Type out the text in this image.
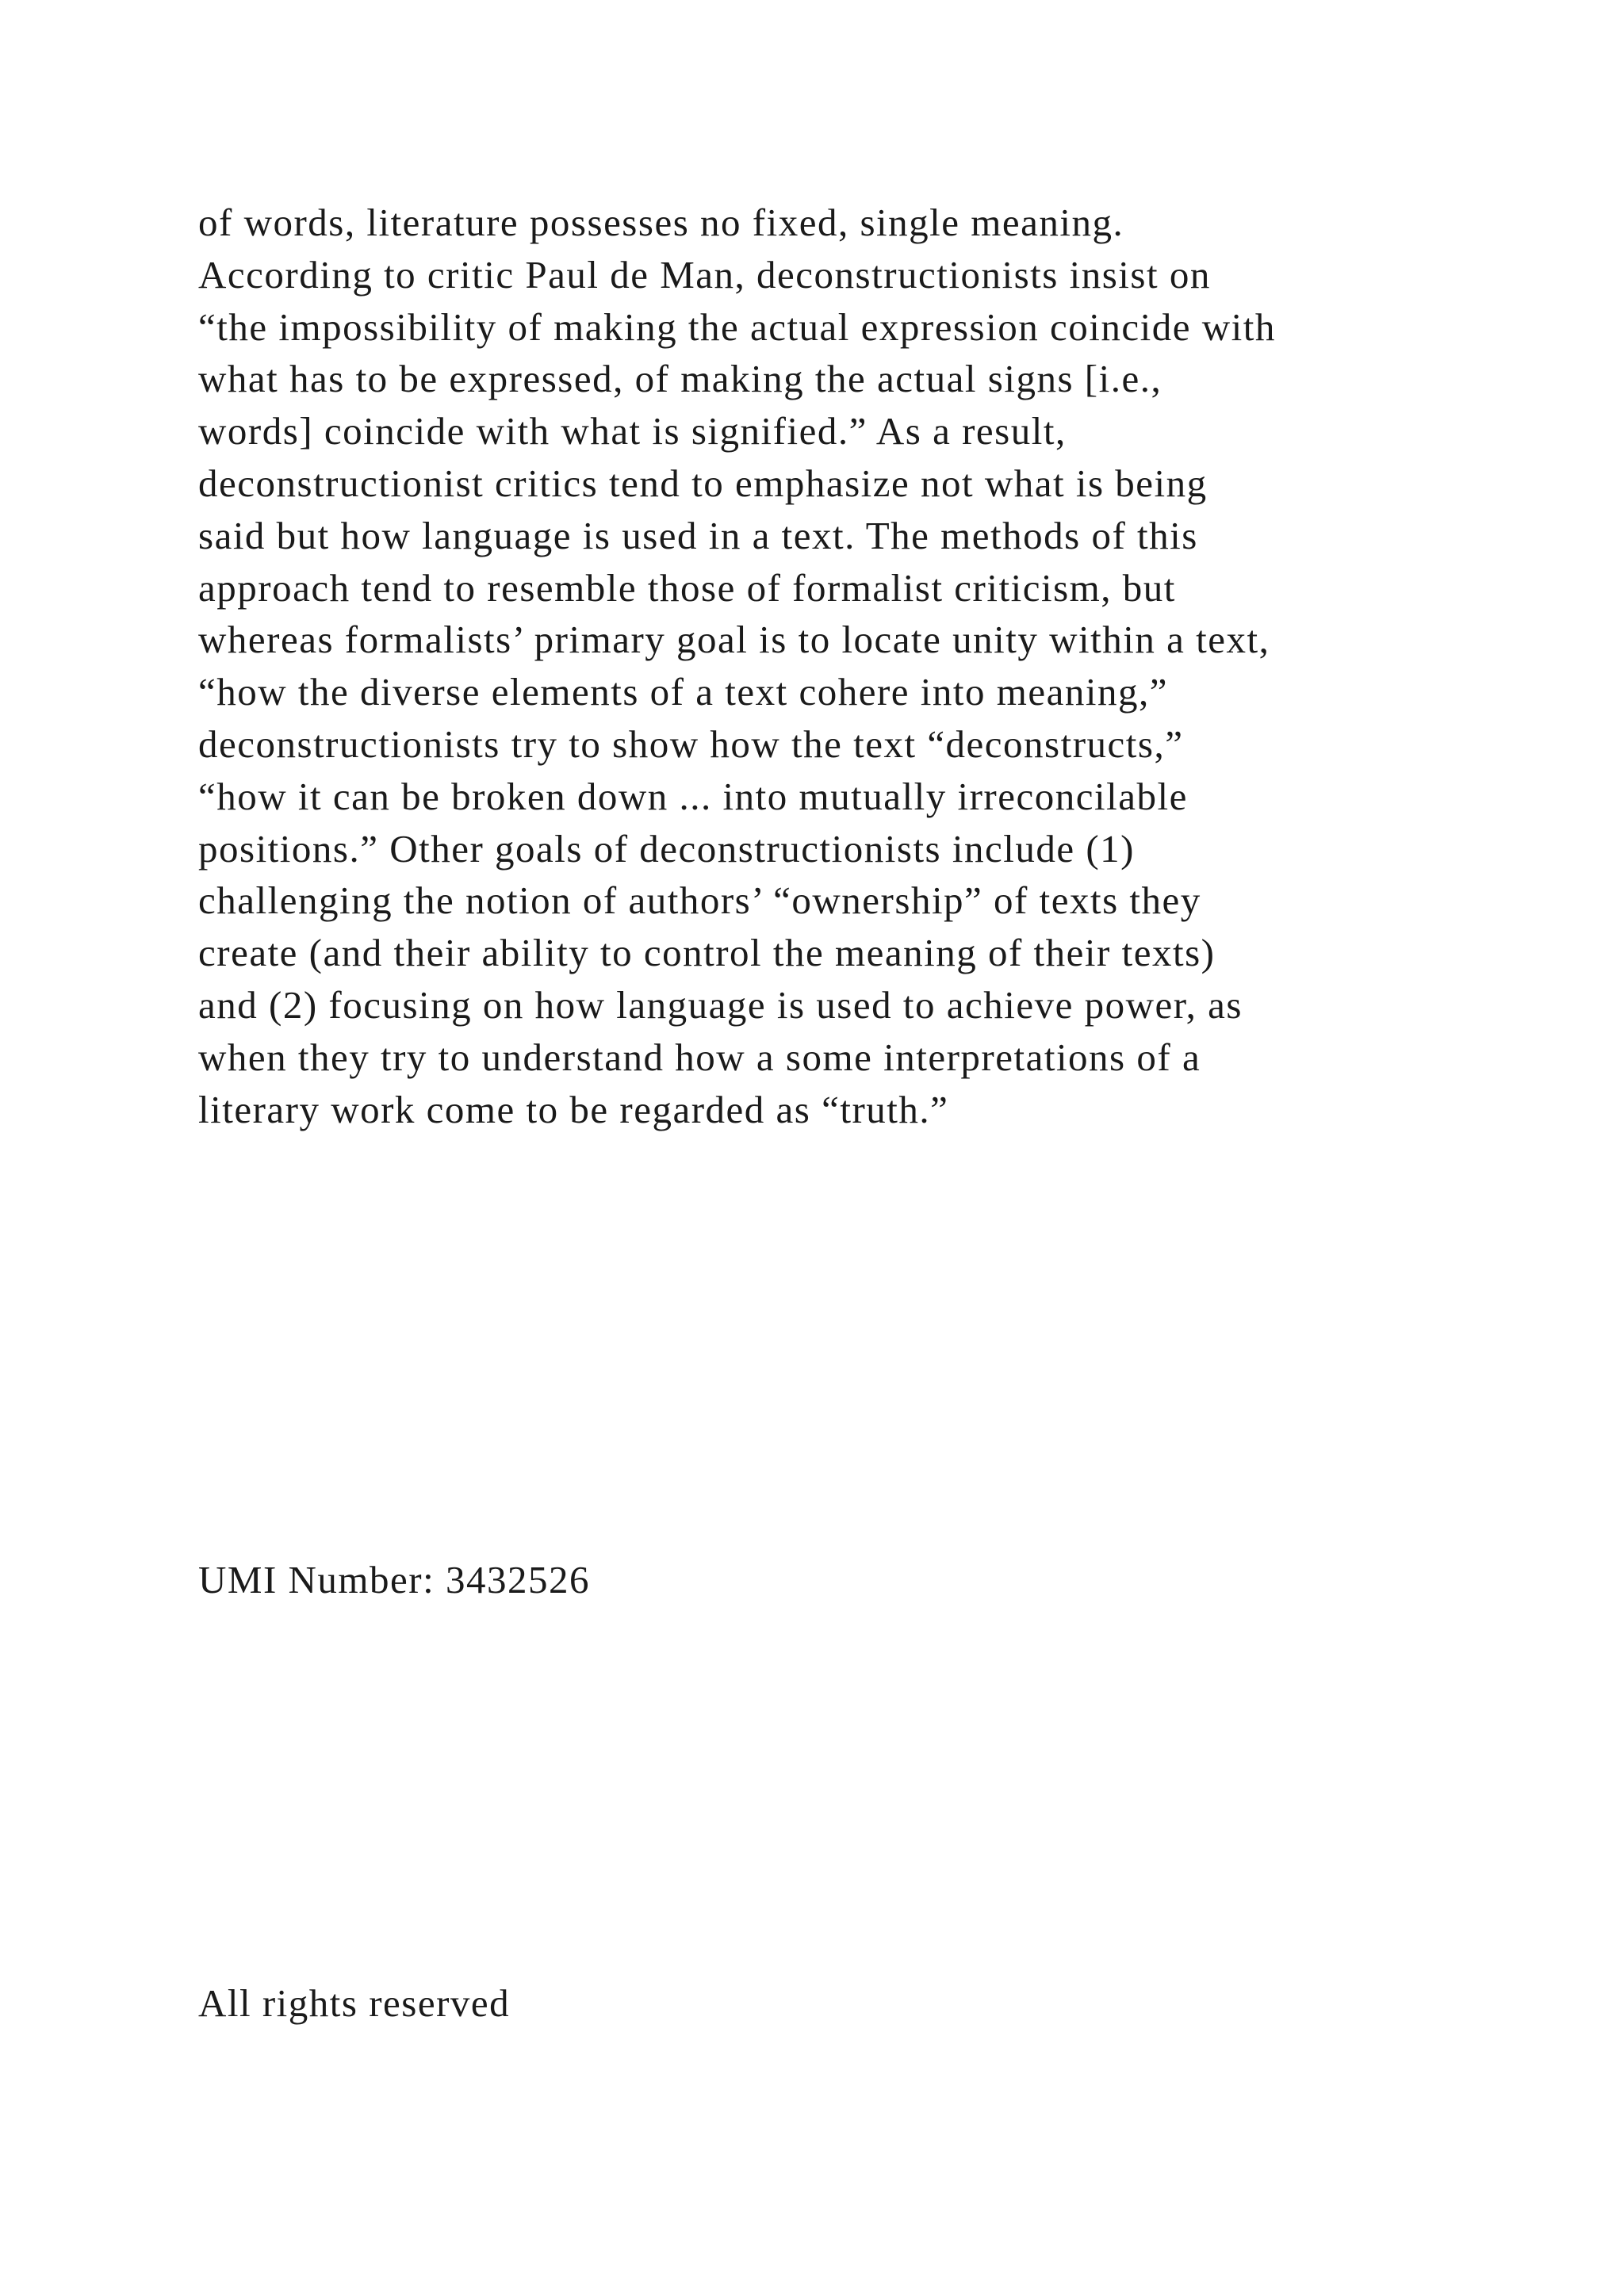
of words, literature possesses no fixed, single meaning.
According to critic Paul de Man, deconstructionists insist on
“the impossibility of making the actual expression coincide with
what has to be expressed, of making the actual signs [i.e.,
words] coincide with what is signified.” As a result,
deconstructionist critics tend to emphasize not what is being
said but how language is used in a text. The methods of this
approach tend to resemble those of formalist criticism, but
whereas formalists’ primary goal is to locate unity within a text,
“how the diverse elements of a text cohere into meaning,”
deconstructionists try to show how the text “deconstructs,”
“how it can be broken down ... into mutually irreconcilable
positions.” Other goals of deconstructionists include (1)
challenging the notion of authors’ “ownership” of texts they
create (and their ability to control the meaning of their texts)
and (2) focusing on how language is used to achieve power, as
when they try to understand how a some interpretations of a
literary work come to be regarded as “truth.”
UMI Number: 3432526
All rights reserved
